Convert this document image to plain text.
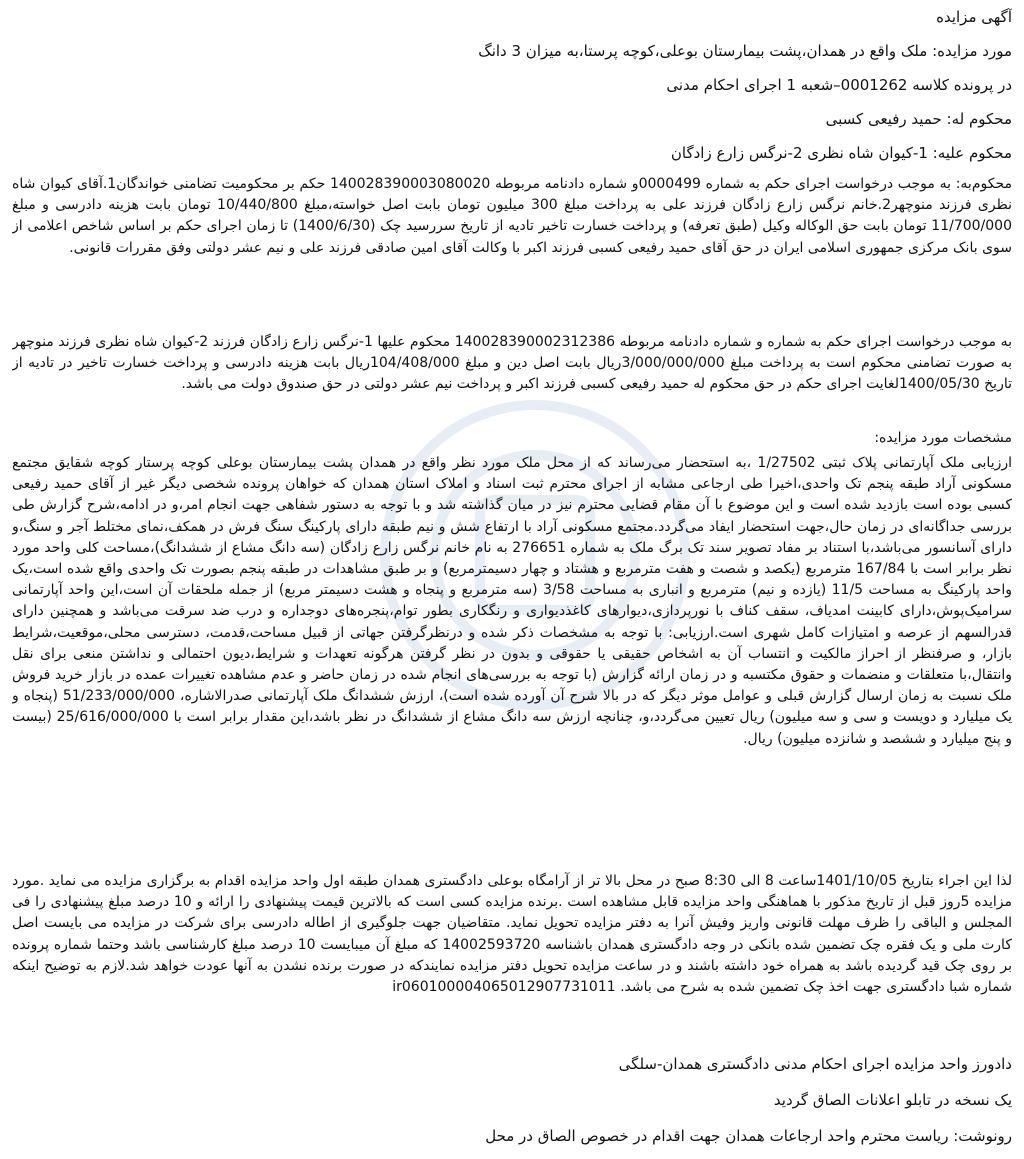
آگهی مزایده
مورد مزایده: ملک واقع در همدان،پشت بیمارستان بوعلی،کوچه پرستا،به میزان 3 دانگ
در پرونده کلاسه 0001262–شعبه 1 اجرای احکام مدنی
محکوم له: حمید رفیعی کسبی
محکوم علیه: 1-کیوان شاه نظری 2-نرگس زارع زادگان
محکوم‌به: به موجب درخواست اجرای حکم به شماره 0000499و شماره دادنامه مربوطه 140028390003080020 حکم بر محکومیت تضامنی خواندگان1.آقای کیوان شاه نظری فرزند منوچهر2.خانم نرگس زارع زادگان فرزند علی به پرداخت مبلغ 300 میلیون تومان بابت اصل خواسته،مبلغ 10/440/800 تومان بابت هزینه دادرسی و مبلغ 11/700/000 تومان بابت حق الوکاله وکیل (طبق تعرفه) و پرداخت خسارت تاخیر تادیه از تاریخ سررسید چک (1400/6/30) تا زمان اجرای حکم بر اساس شاخص اعلامی از سوی بانک مرکزی جمهوری اسلامی ایران در حق آقای حمید رفیعی کسبی فرزند اکبر با وکالت آقای امین صادقی فرزند علی و نیم عشر دولتی وفق مقررات قانونی.
به موجب درخواست اجرای حکم به شماره و شماره دادنامه مربوطه 140028390002312386 محکوم علیها 1-نرگس زارع زادگان فرزند 2-کیوان شاه نظری فرزند منوچهر به صورت تضامنی محکوم است به پرداخت مبلغ 3/000/000/000ریال بابت اصل دین و مبلغ 104/408/000ریال بابت هزینه دادرسی و پرداخت خسارت تاخیر در تادیه از تاریخ 1400/05/30لغایت اجرای حکم در حق محکوم له حمید رفیعی کسبی فرزند اکبر و پرداخت نیم عشر دولتی در حق صندوق دولت می باشد.
مشخصات مورد مزایده:
ارزیابی ملک آپارتمانی پلاک ثبتی 1/27502 ،به استحضار می‌رساند که از محل ملک مورد نظر واقع در همدان پشت بیمارستان بوعلی کوچه پرستار کوچه شقایق مجتمع مسکونی آراد طبقه پنجم تک واحدی،اخیرا طی ارجاعی مشابه از اجرای محترم ثبت اسناد و املاک استان همدان که خواهان پرونده شخصی دیگر غیر از آقای حمید رفیعی کسبی بوده است بازدید شده است و این موضوع با آن مقام قضایی محترم نیز در میان گذاشته شد و با توجه به دستور شفاهی جهت انجام امر،و در ادامه،شرح گزارش طی بررسی جداگانه‌ای در زمان حال،جهت استحضار ایفاد می‌گردد.مجتمع مسکونی آراد با ارتفاع شش و نیم طبقه دارای پارکینگ سنگ فرش در همکف،نمای مختلط آجر و سنگ،و دارای آسانسور می‌باشد،با استناد بر مفاد تصویر سند تک برگ ملک به شماره 276651 به نام خانم نرگس زارع زادگان (سه دانگ مشاع از ششدانگ)،مساحت کلی واحد مورد نظر برابر است با 167/84 مترمربع (یکصد و شصت و هفت مترمربع و هشتاد و چهار دسیمترمربع) و بر طبق مشاهدات در طبقه پنجم بصورت تک واحدی واقع شده است،یک واحد پارکینگ به مساحت 11/5 (یازده و نیم) مترمربع و انباری به مساحت 3/58 (سه مترمربع و پنجاه و هشت دسیمتر مربع) از جمله ملحقات آن است،این واحد آپارتمانی سرامیک‌پوش،دارای کابینت امدیاف، سقف کناف با نورپردازی،دیوارهای کاغذدیواری و رنگکاری بطور توام،پنجره‌های دوجداره و درب ضد سرقت می‌باشد و همچنین دارای قدرالسهم از عرصه و امتیازات کامل شهری است.ارزیابی: با توجه به مشخصات ذکر شده و درنظرگرفتن جهاتی از قبیل مساحت،قدمت، دسترسی محلی،موقعیت،شرایط بازار، و صرفنظر از احراز مالکیت و انتساب آن به اشخاص حقیقی یا حقوقی و بدون در نظر گرفتن هرگونه تعهدات و شرایط،دیون احتمالی و نداشتن منعی برای نقل وانتقال،با متعلقات و منضمات و حقوق مکتسبه و در زمان ارائه گزارش (با توجه به بررسی‌های انجام شده در زمان حاضر و عدم مشاهده تغییرات عمده در بازار خرید فروش ملک نسبت به زمان ارسال گزارش قبلی و عوامل موثر دیگر که در بالا شرح آن آورده شده است)، ارزش ششدانگ ملک آپارتمانی صدرالاشاره، 51/233/000/000 (پنجاه و یک میلیارد و دویست و سی و سه میلیون) ریال تعیین می‌گردد،و، چنانچه ارزش سه دانگ مشاع از ششدانگ در نظر باشد،این مقدار برابر است با 25/616/000/000 (بیست و پنج میلیارد و ششصد و شانزده میلیون) ریال.
لذا این اجراء بتاریخ 1401/10/05ساعت 8 الی 8:30 صبح در محل بالا تر از آرامگاه بوعلی دادگستری همدان طبقه اول واحد مزایده اقدام به برگزاری مزایده می نماید .مورد مزایده 5روز قبل از تاریخ مذکور با هماهنگی واحد مزایده قابل مشاهده است .برنده مزایده کسی است که بالاترین قیمت پیشنهادی را ارائه و 10 درصد مبلغ پیشنهادی را فی المجلس و الباقی را ظرف مهلت قانونی واریز وفیش آنرا به دفتر مزایده تحویل نماید. متقاضیان جهت جلوگیری از اطاله دادرسی برای شرکت در مزایده می بایست اصل کارت ملی و یک فقره چک تضمین شده بانکی در وجه دادگستری همدان باشناسه 14002593720 که مبلغ آن میبایست 10 درصد مبلغ کارشناسی باشد وحتما شماره پرونده بر روی چک قید گردیده باشد به همراه خود داشته باشند و در ساعت مزایده تحویل دفتر مزایده نمایندکه در صورت برنده نشدن به آنها عودت خواهد شد.لازم به توضیح اینکه شماره شبا دادگستری جهت اخذ چک تضمین شده به شرح می باشد. ir060100004065012907731011
دادورز واحد مزایده اجرای احکام مدنی دادگستری همدان-سلگی
یک نسخه در تابلو اعلانات الصاق گردید
رونوشت: ریاست محترم واحد ارجاعات همدان جهت اقدام در خصوص الصاق در محل
